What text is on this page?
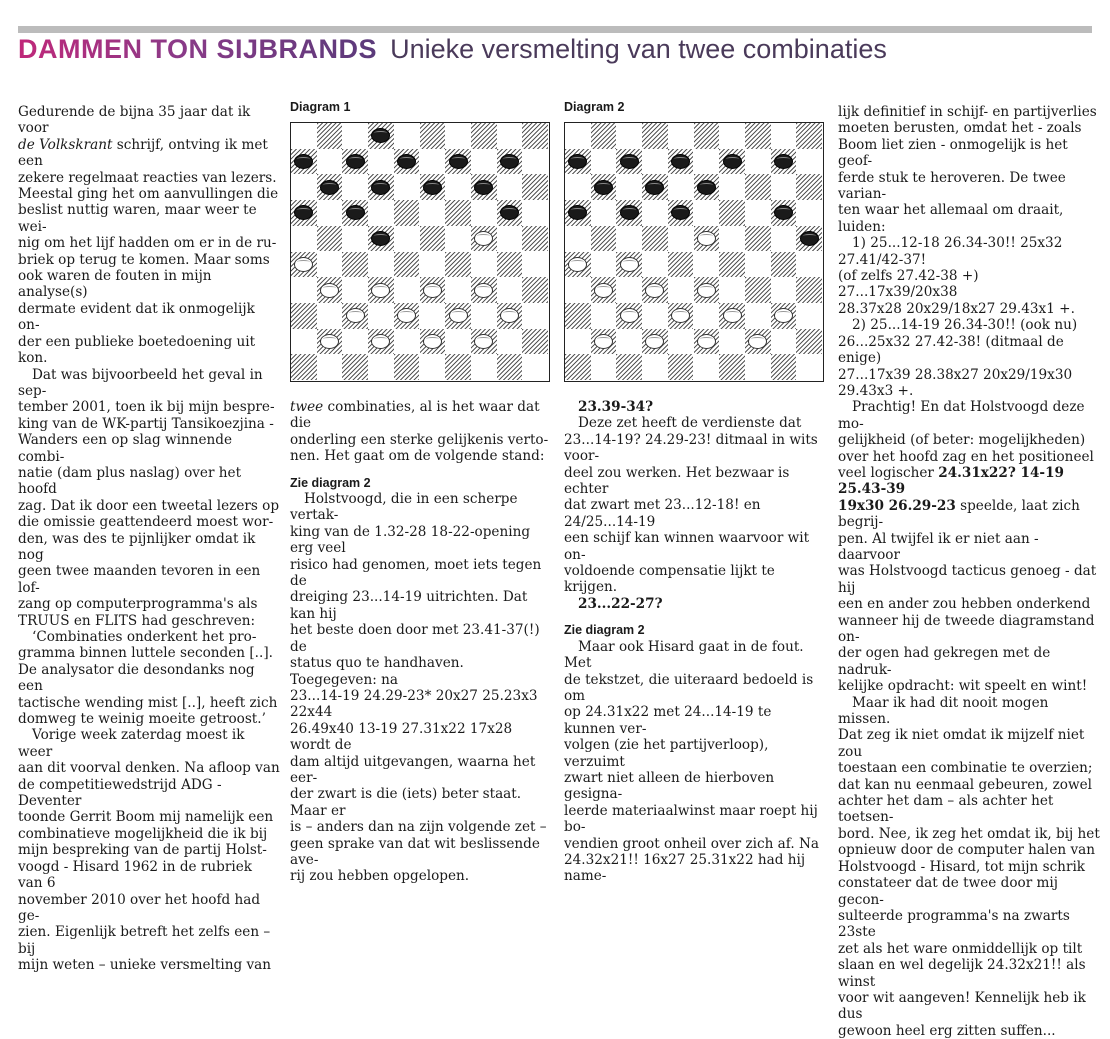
DAMMEN TON SIJBRANDS Unieke versmelting van twee combinaties

Gedurende de bijna 35 jaar dat ik voor

de Volkskrant schrijf, ontving ik met een

zekere regelmaat reacties van lezers.

Meestal ging het om aanvullingen die

beslist nuttig waren, maar weer te wei-

nig om het lijf hadden om er in de ru-

briek op terug te komen. Maar soms

ook waren de fouten in mijn analyse(s)

dermate evident dat ik onmogelijk on-

der een publieke boetedoening uit kon.

Dat was bijvoorbeeld het geval in sep-

tember 2001, toen ik bij mijn bespre-

king van de WK-partij Tansikoezjina -

Wanders een op slag winnende combi-

natie (dam plus naslag) over het hoofd

zag. Dat ik door een tweetal lezers op

die omissie geattendeerd moest wor-

den, was des te pijnlijker omdat ik nog

geen twee maanden tevoren in een lof-

zang op computerprogramma's als

TRUUS en FLITS had geschreven:

‘Combinaties onderkent het pro-

gramma binnen luttele seconden [..].

De analysator die desondanks nog een

tactische wending mist [..], heeft zich

domweg te weinig moeite getroost.’

Vorige week zaterdag moest ik weer

aan dit voorval denken. Na afloop van

de competitiewedstrijd ADG - Deventer

toonde Gerrit Boom mij namelijk een

combinatieve mogelijkheid die ik bij

mijn bespreking van de partij Holst-

voogd - Hisard 1962 in de rubriek van 6

november 2010 over het hoofd had ge-

zien. Eigenlijk betreft het zelfs een – bij

mijn weten – unieke versmelting van

Diagram 1

twee combinaties, al is het waar dat die

onderling een sterke gelijkenis verto-

nen. Het gaat om de volgende stand:

Zie diagram 2

Holstvoogd, die in een scherpe vertak-

king van de 1.32-28 18-22-opening erg veel

risico had genomen, moet iets tegen de

dreiging 23...14-19 uitrichten. Dat kan hij

het beste doen door met 23.41-37(!) de

status quo te handhaven. Toegegeven: na

23...14-19 24.29-23* 20x27 25.23x3 22x44

26.49x40 13-19 27.31x22 17x28 wordt de

dam altijd uitgevangen, waarna het eer-

der zwart is die (iets) beter staat. Maar er

is – anders dan na zijn volgende zet –

geen sprake van dat wit beslissende ave-

rij zou hebben opgelopen.

Diagram 2

23.39-34?

Deze zet heeft de verdienste dat

23...14-19? 24.29-23! ditmaal in wits voor-

deel zou werken. Het bezwaar is echter

dat zwart met 23...12-18! en 24/25...14-19

een schijf kan winnen waarvoor wit on-

voldoende compensatie lijkt te krijgen.

23...22-27?

Zie diagram 2

Maar ook Hisard gaat in de fout. Met

de tekstzet, die uiteraard bedoeld is om

op 24.31x22 met 24...14-19 te kunnen ver-

volgen (zie het partijverloop), verzuimt

zwart niet alleen de hierboven gesigna-

leerde materiaalwinst maar roept hij bo-

vendien groot onheil over zich af. Na

24.32x21!! 16x27 25.31x22 had hij name-

lijk definitief in schijf- en partijverlies

moeten berusten, omdat het - zoals

Boom liet zien - onmogelijk is het geof-

ferde stuk te heroveren. De twee varian-

ten waar het allemaal om draait, luiden:

1) 25...12-18 26.34-30!! 25x32 27.41/42-37!

(of zelfs 27.42-38 +) 27...17x39/20x38

28.37x28 20x29/18x27 29.43x1 +.

2) 25...14-19 26.34-30!! (ook nu)

26...25x32 27.42-38! (ditmaal de enige)

27...17x39 28.38x27 20x29/19x30 29.43x3 +.

Prachtig! En dat Holstvoogd deze mo-

gelijkheid (of beter: mogelijkheden)

over het hoofd zag en het positioneel

veel logischer 24.31x22? 14-19 25.43-39

19x30 26.29-23 speelde, laat zich begrij-

pen. Al twijfel ik er niet aan - daarvoor

was Holstvoogd tacticus genoeg - dat hij

een en ander zou hebben onderkend

wanneer hij de tweede diagramstand on-

der ogen had gekregen met de nadruk-

kelijke opdracht: wit speelt en wint!

Maar ik had dit nooit mogen missen.

Dat zeg ik niet omdat ik mijzelf niet zou

toestaan een combinatie te overzien;

dat kan nu eenmaal gebeuren, zowel

achter het dam – als achter het toetsen-

bord. Nee, ik zeg het omdat ik, bij het

opnieuw door de computer halen van

Holstvoogd - Hisard, tot mijn schrik

constateer dat de twee door mij gecon-

sulteerde programma's na zwarts 23ste

zet als het ware onmiddellijk op tilt

slaan en wel degelijk 24.32x21!! als winst

voor wit aangeven! Kennelijk heb ik dus

gewoon heel erg zitten suffen...
